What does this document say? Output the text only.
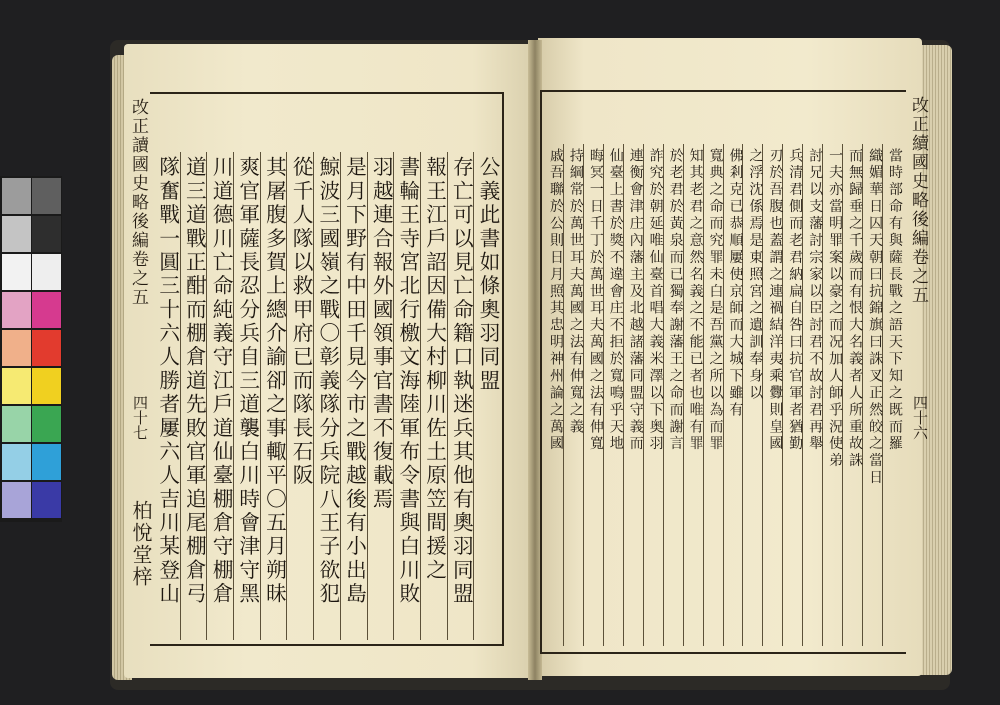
改正讀國史略後編卷之五
四十七
柏悅堂梓
改正續國史略後編卷之五
四十六
公義此書如條奧羽同盟
存亡可以見亡命籍口執迷兵其他有奧羽同盟
報王江戶詔因備大村柳川佐土原笠間援之
書輪王寺宮北行檄文海陸軍布令書與白川敗
羽越連合報外國領事官書不復載焉
是月下野有中田千見今市之戰越後有小出島
鯨波三國嶺之戰〇彰義隊分兵院八王子欲犯
從千人隊以救甲府已而隊長石阪
其屠腹多賀上總介諭卻之事輙平〇五月朔昧
爽官軍薩長忍分兵自三道襲白川時會津守黑
川道德川亡命純義守江戶道仙臺棚倉守棚倉
道三道戰正酣而棚倉道先敗官軍追尾棚倉弓
隊奮戰一圓三十六人勝者屢六人吉川某登山	當時部命有與薩長戰之語天下知之既而羅
織媚華日囚天朝曰抗錦旗曰誅叉正然皎之當日
而無歸垂之千歲而有恨大名義者人所重故誅
一夫亦當明罪案以豪之而况加人師乎況使弟
討兄以支藩討宗家以臣討君不故討君再舉
兵清君側而老君納扁自咎曰抗官軍者猶勤
刃於吾腹也蓋謂之連禍結洋夷乘釁則皇國
之浮沈係焉是東照宮之遺訓奉身以
佛剎克已恭順屢使京師而大城下雖有
寬典之命而究罪未白是吾黨之所以為而罪
知其老君之意然名義之不能已者也唯有罪
於老君於黃泉而已獨奉謝藩王之命而謝言
詐究於朝延唯仙臺首唱大義米澤以下奥羽
連衡會津庄內藩主及北越諸藩同盟守義而
仙臺上書於獎不違會庄不拒於寬鳴乎天地
晦冥一日千丁於萬世耳夫萬國之法有伸寬
持綱常於萬世耳夫萬國之法有伸寬之義
戚吾聯於公則日月照其忠明神州論之萬國
